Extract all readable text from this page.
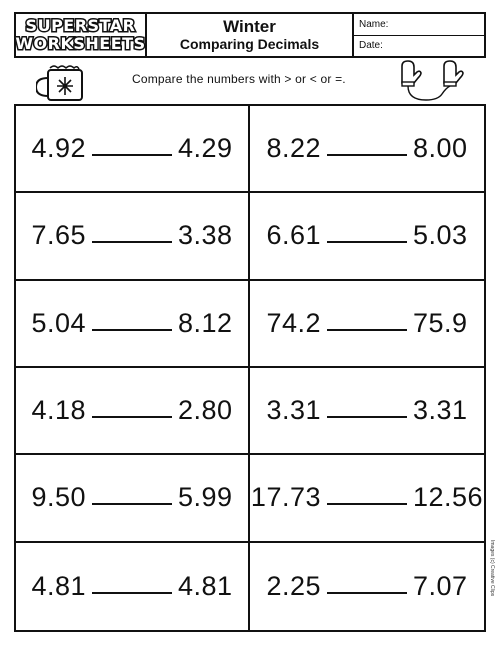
SUPERSTAR
WORKSHEETS
Winter
Comparing Decimals
Name:
Date:
Compare the numbers with > or < or =.
4.92	4.29 8.22	8.00
7.65	3.38 6.61	5.03
5.04	8.12 74.2	75.9
4.18	2.80 3.31	3.31
9.50	5.99 17.73	12.56
4.81	4.81 2.25	7.07	Images (c) Creative Clips
